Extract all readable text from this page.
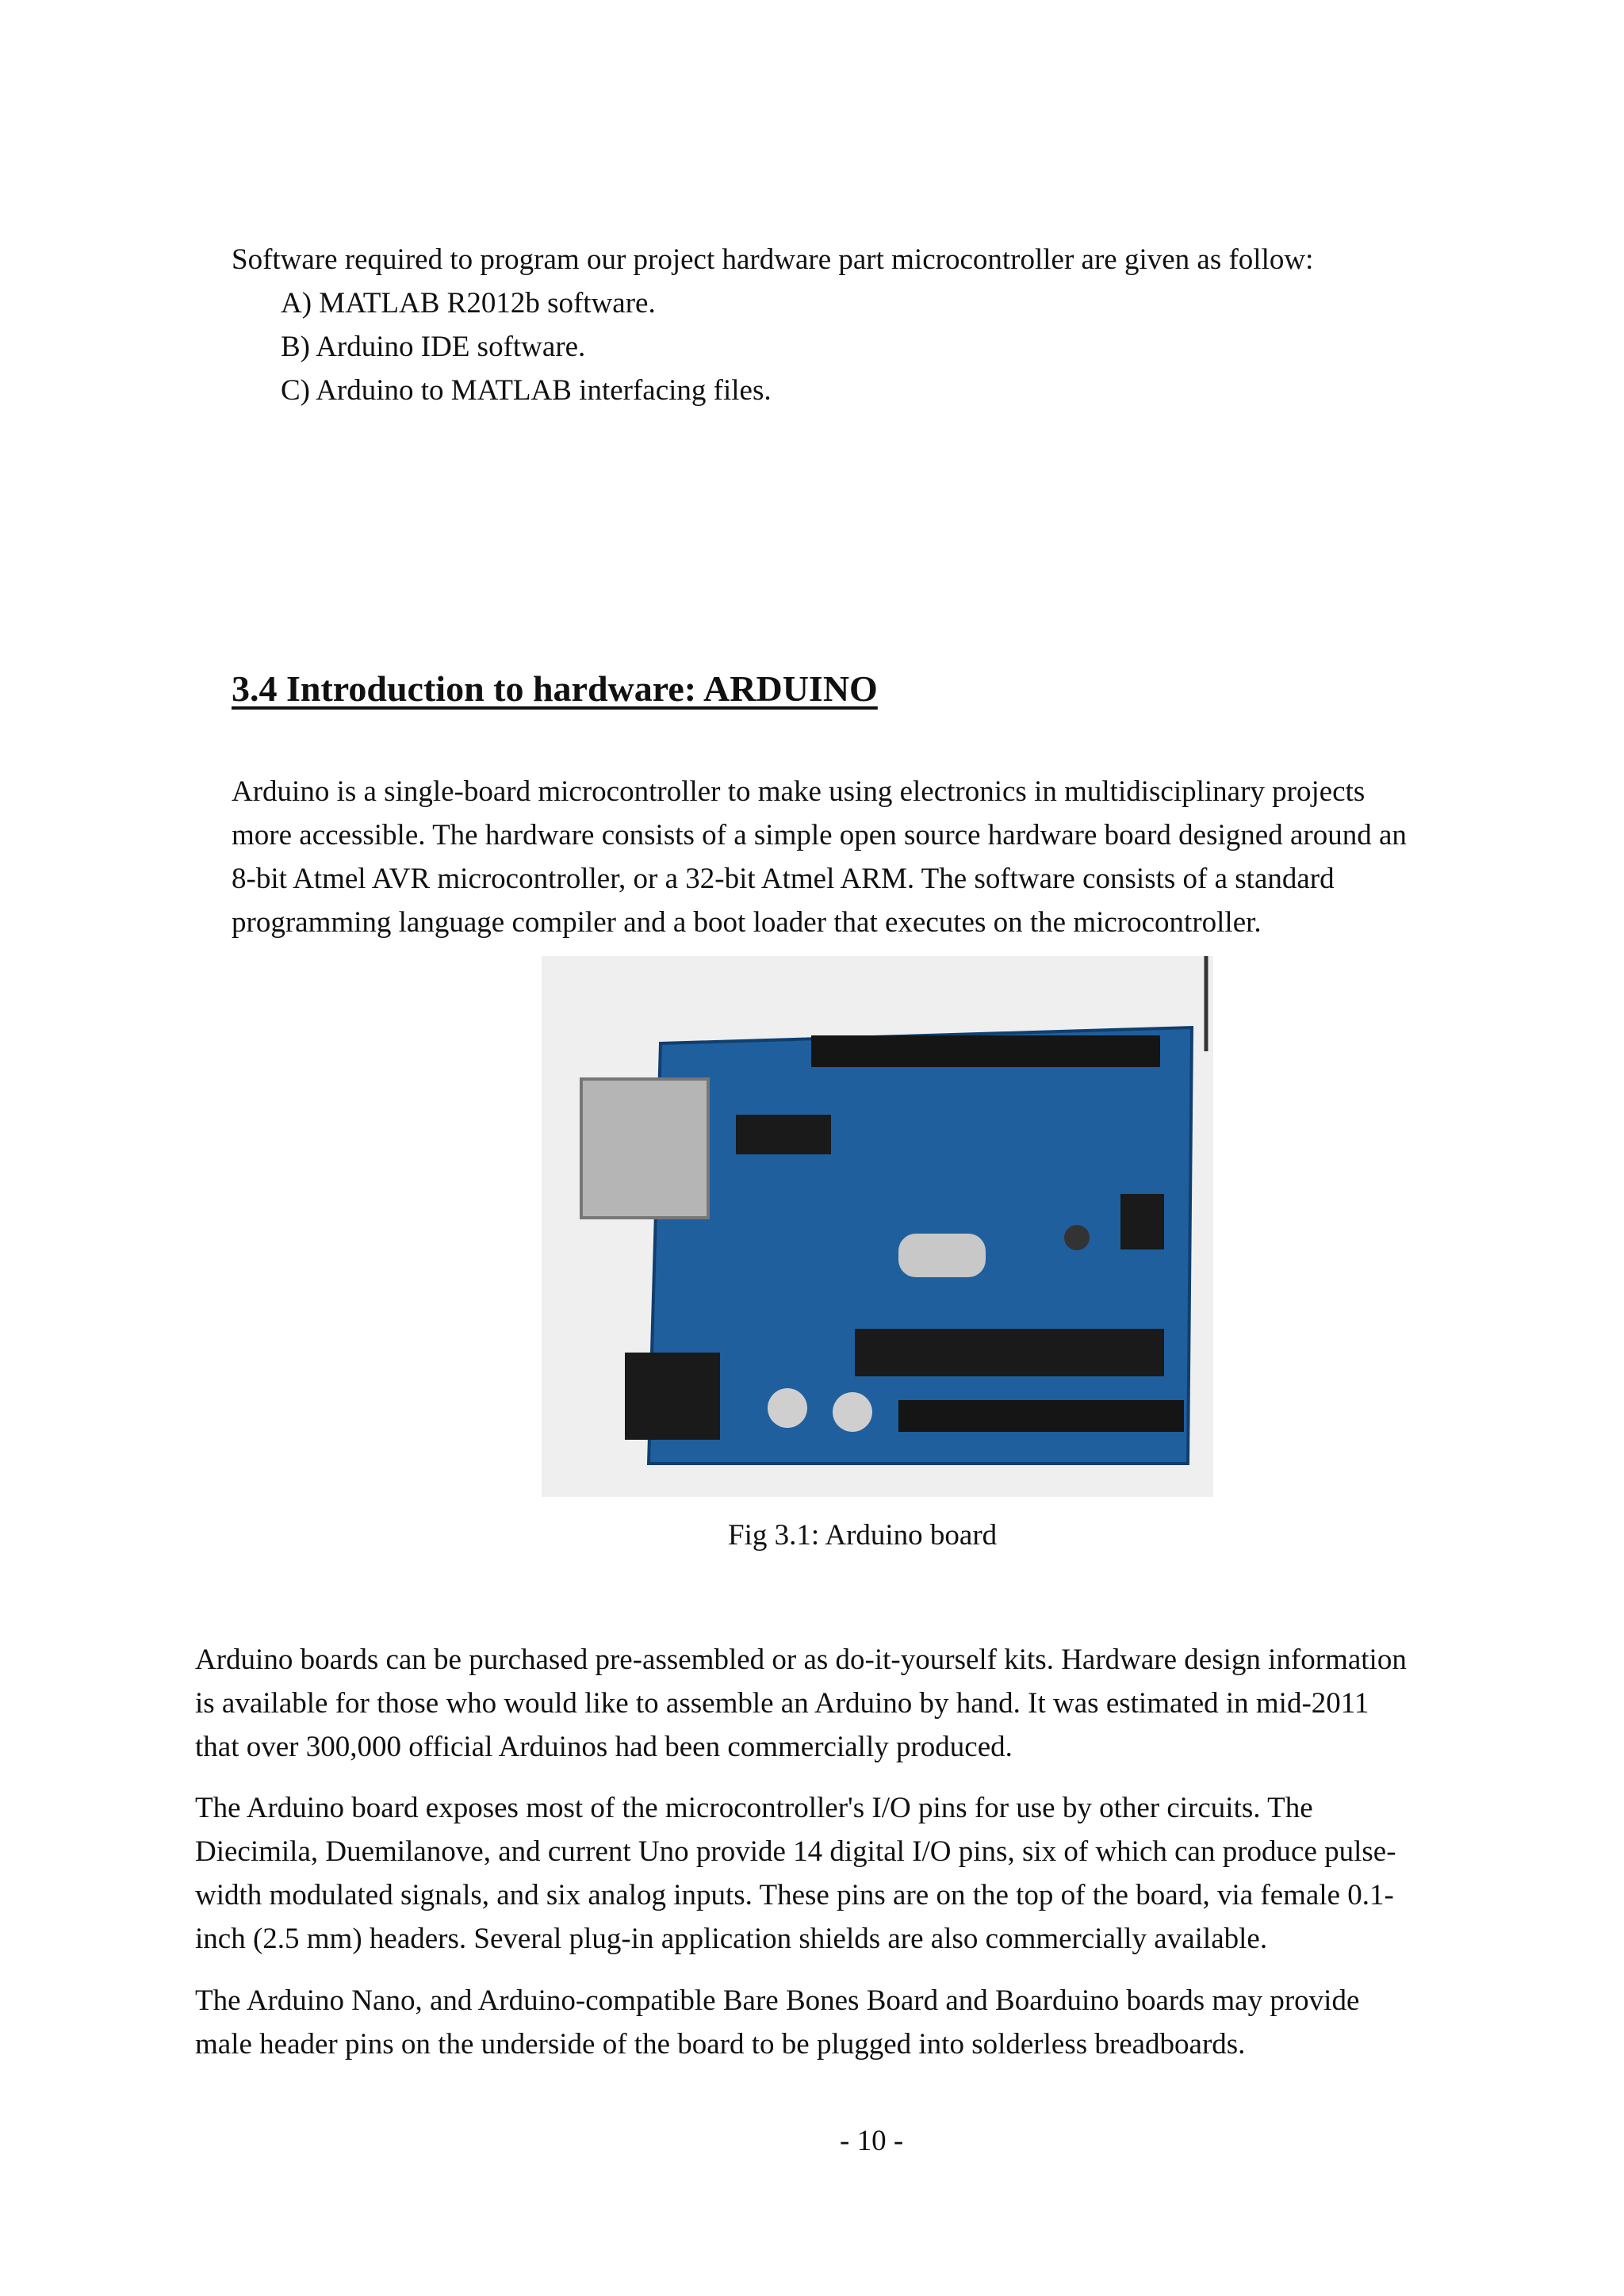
Software required to program our project hardware part microcontroller are given as follow:
A) MATLAB R2012b software.
B) Arduino IDE software.
C) Arduino to MATLAB interfacing files.
3.4 Introduction to hardware: ARDUINO
Arduino is a single-board microcontroller to make using electronics in multidisciplinary projects
more accessible. The hardware consists of a simple open source hardware board designed around an
8-bit Atmel AVR microcontroller, or a 32-bit Atmel ARM. The software consists of a standard
programming language compiler and a boot loader that executes on the microcontroller.
Fig 3.1: Arduino board
Arduino boards can be purchased pre-assembled or as do-it-yourself kits. Hardware design information
is available for those who would like to assemble an Arduino by hand. It was estimated in mid-2011
that over 300,000 official Arduinos had been commercially produced.
The Arduino board exposes most of the microcontroller's I/O pins for use by other circuits. The
Diecimila, Duemilanove, and current Uno provide 14 digital I/O pins, six of which can produce pulse-
width modulated signals, and six analog inputs. These pins are on the top of the board, via female 0.1-
inch (2.5 mm) headers. Several plug-in application shields are also commercially available.
The Arduino Nano, and Arduino-compatible Bare Bones Board and Boarduino boards may provide
male header pins on the underside of the board to be plugged into solderless breadboards.
- 10 -
